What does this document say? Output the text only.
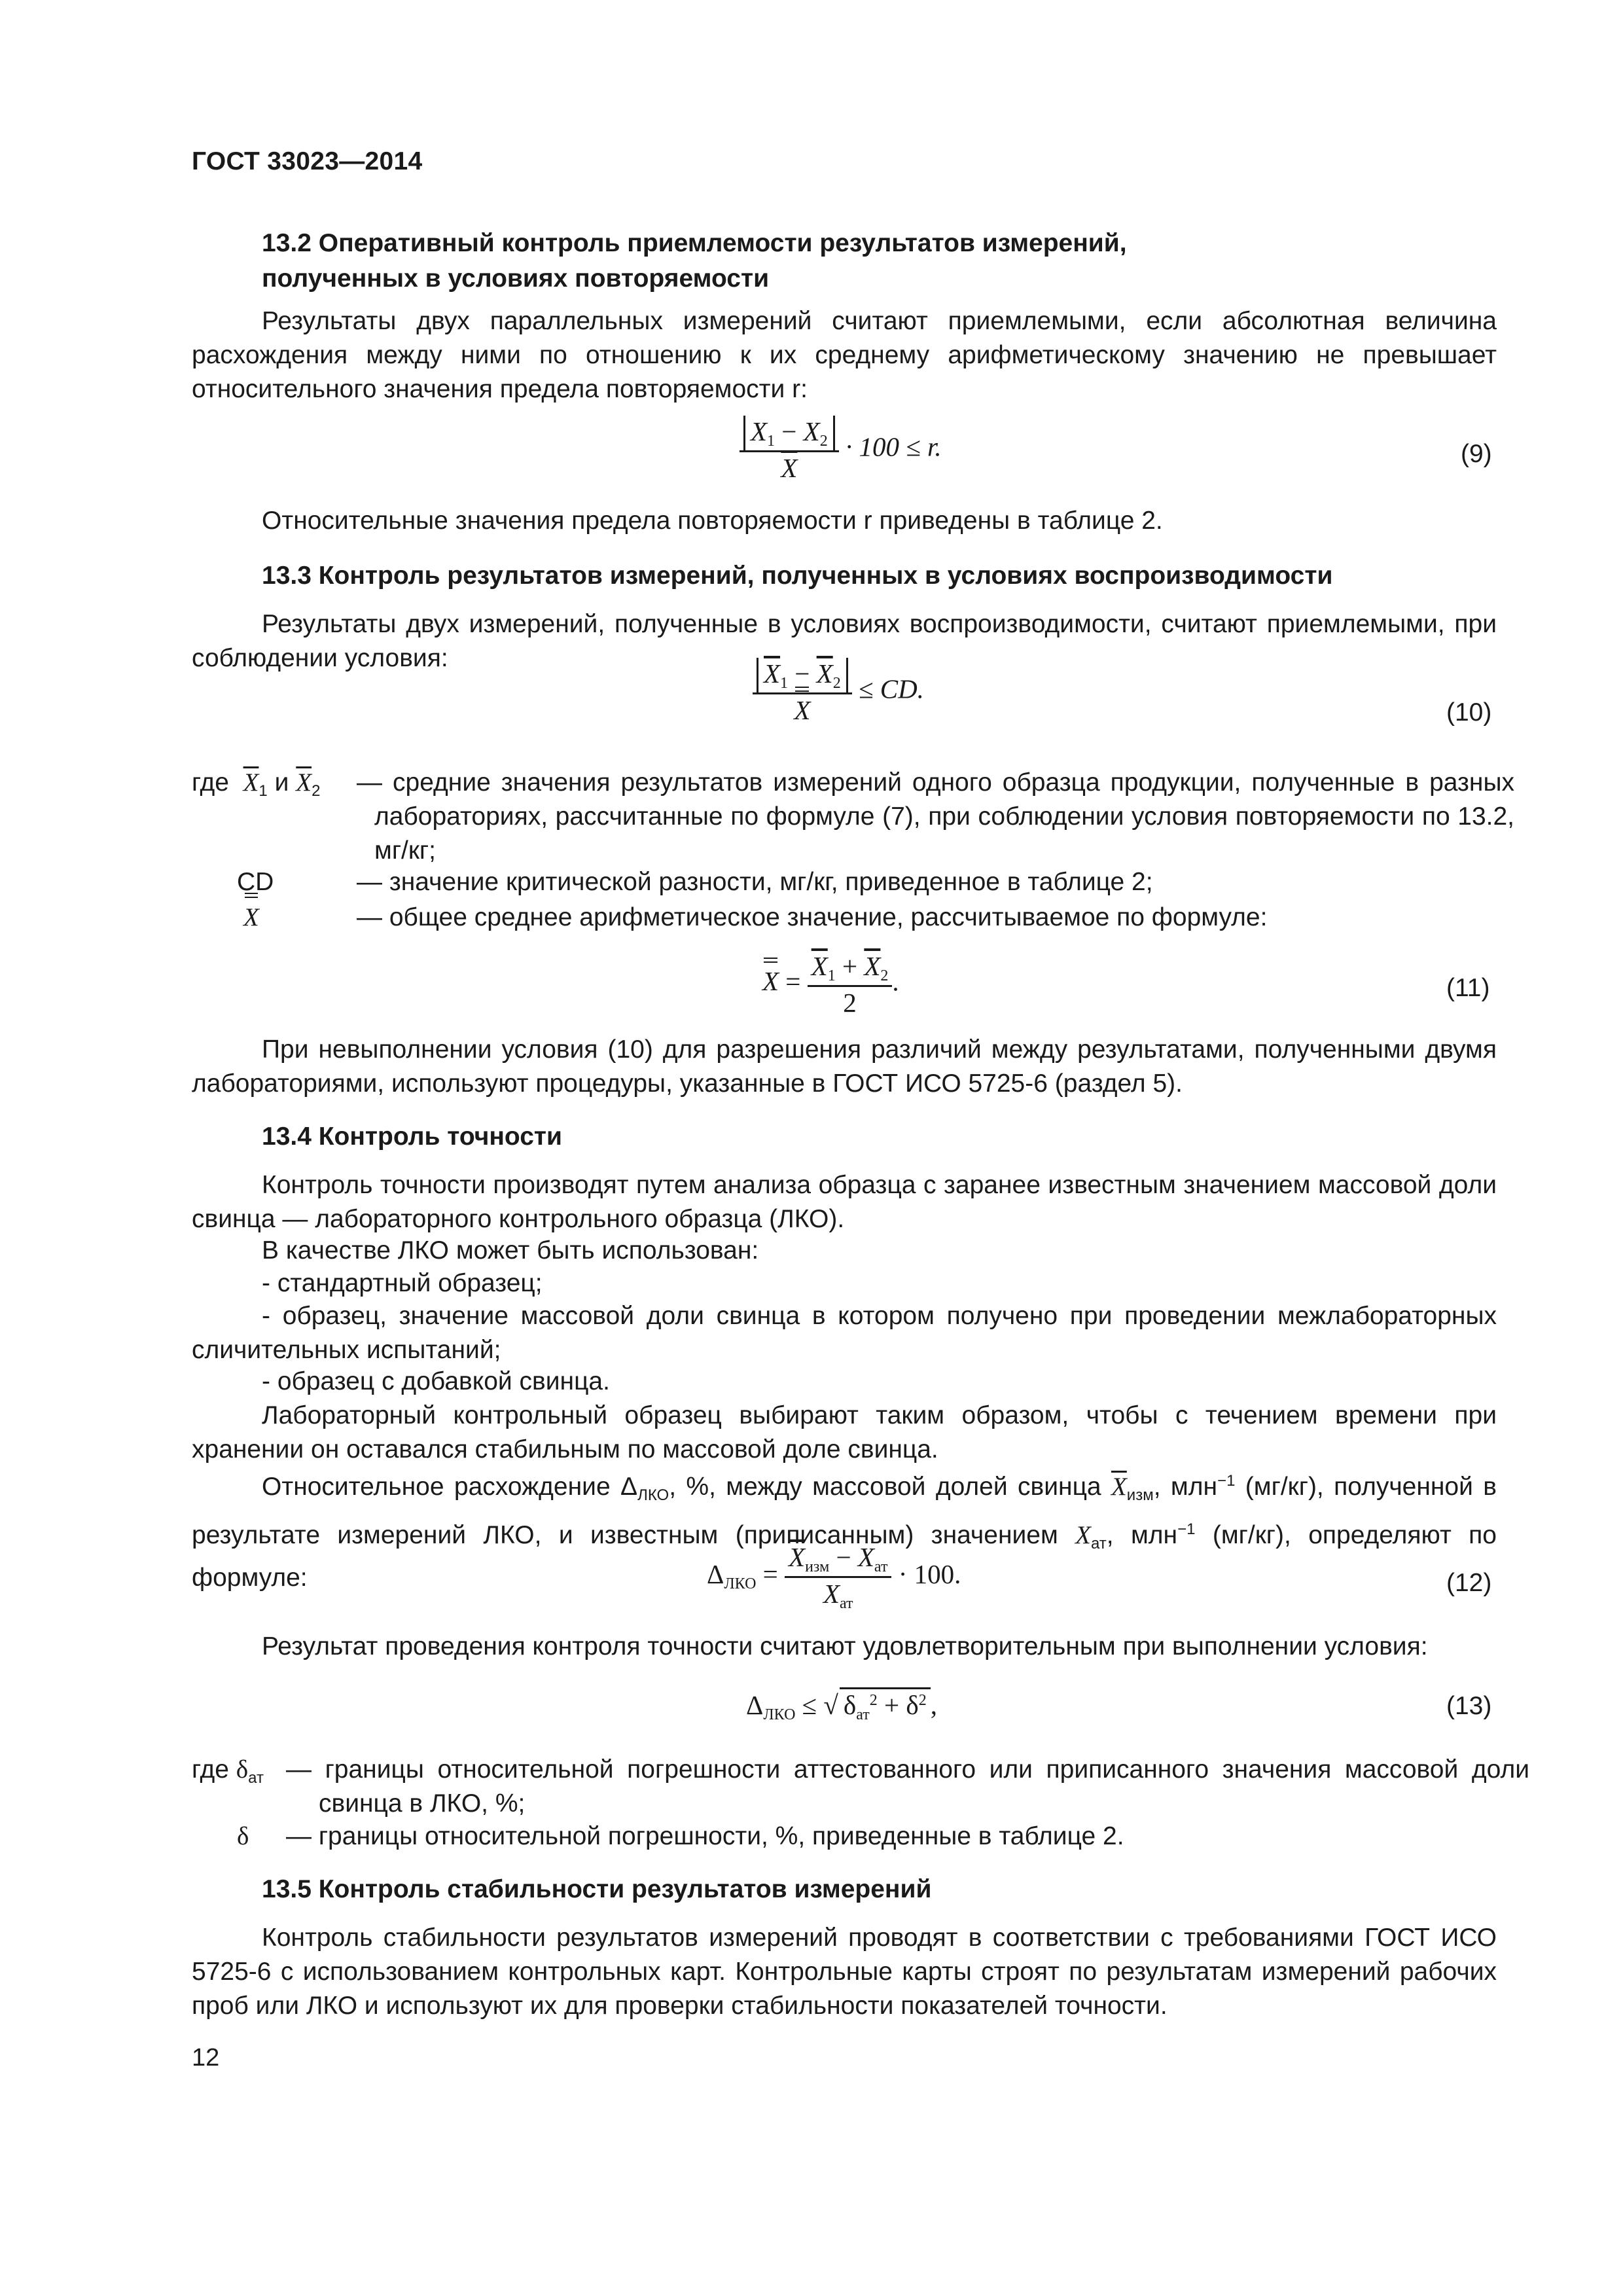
ГОСТ 33023—2014
13.2 Оперативный контроль приемлемости результатов измерений,
полученных в условиях повторяемости
Результаты двух параллельных измерений считают приемлемыми, если абсолютная величина расхождения между ними по отношению к их среднему арифметическому значению не превышает относительного значения предела повторяемости r:
$\frac{X_1 - X_2}{X} \cdot 100 \le r$.	(9)
Относительные значения предела повторяемости r приведены в таблице 2.
13.3 Контроль результатов измерений, полученных в условиях воспроизводимости
Результаты двух измерений, полученные в условиях воспроизводимости, считают приемлемыми, при соблюдении условия:	$\frac{\overline{X}_1 - \overline{X}_2}{X}$ ≤ CD.
(10)
где $\overline{X}_1$ и $\overline{X}_2$ — средние значения результатов измерений одного образца продукции, полученные в разных лабораториях, рассчитанные по формуле (7), при соблюдении условия повторяемости по 13.2, мг/кг;
CD	— значение критической разности, мг/кг, приведенное в таблице 2;
X	— общее среднее арифметическое значение, рассчитываемое по формуле:
$X = \frac{\overline{X}_1 + \overline{X}_2}{2}$ .	(11)
При невыполнении условия (10) для разрешения различий между результатами, полученными двумя лабораториями, используют процедуры, указанные в ГОСТ ИСО 5725-6 (раздел 5).
13.4 Контроль точности
Контроль точности производят путем анализа образца с заранее известным значением массовой доли свинца — лабораторного контрольного образца (ЛКО).
В качестве ЛКО может быть использован:
- стандартный образец;
- образец, значение массовой доли свинца в котором получено при проведении межлабораторных сличительных испытаний;
- образец с добавкой свинца.
Лабораторный контрольный образец выбирают таким образом, чтобы с течением времени при хранении он оставался стабильным по массовой доле свинца.
Относительное расхождение $\Delta_{ЛКО}$, %, между массовой долей свинца $\overline{X}_{изм}$, млн$^{-1}$ (мг/кг), полученной в результате измерений ЛКО, и известным (приписанным) значением $X_{ат}$, млн$^{-1}$ (мг/кг), определяют по формуле:	$\Delta_{ЛКО} = \frac{\overline{X}_{изм} - X_{ат}}{X_{ат}} \cdot 100$.	(12)
Результат проведения контроля точности считают удовлетворительным при выполнении условия:
$\Delta_{ЛКО}$ ≤ √ $\delta_{ат}^2 + \delta^2$ ,	(13)
где $\delta_{ат}$ — границы относительной погрешности аттестованного или приписанного значения массовой доли свинца в ЛКО, %;
δ — границы относительной погрешности, %, приведенные в таблице 2.
13.5 Контроль стабильности результатов измерений
Контроль стабильности результатов измерений проводят в соответствии с требованиями ГОСТ ИСО 5725-6 с использованием контрольных карт. Контрольные карты строят по результатам измерений рабочих проб или ЛКО и используют их для проверки стабильности показателей точности.
12
